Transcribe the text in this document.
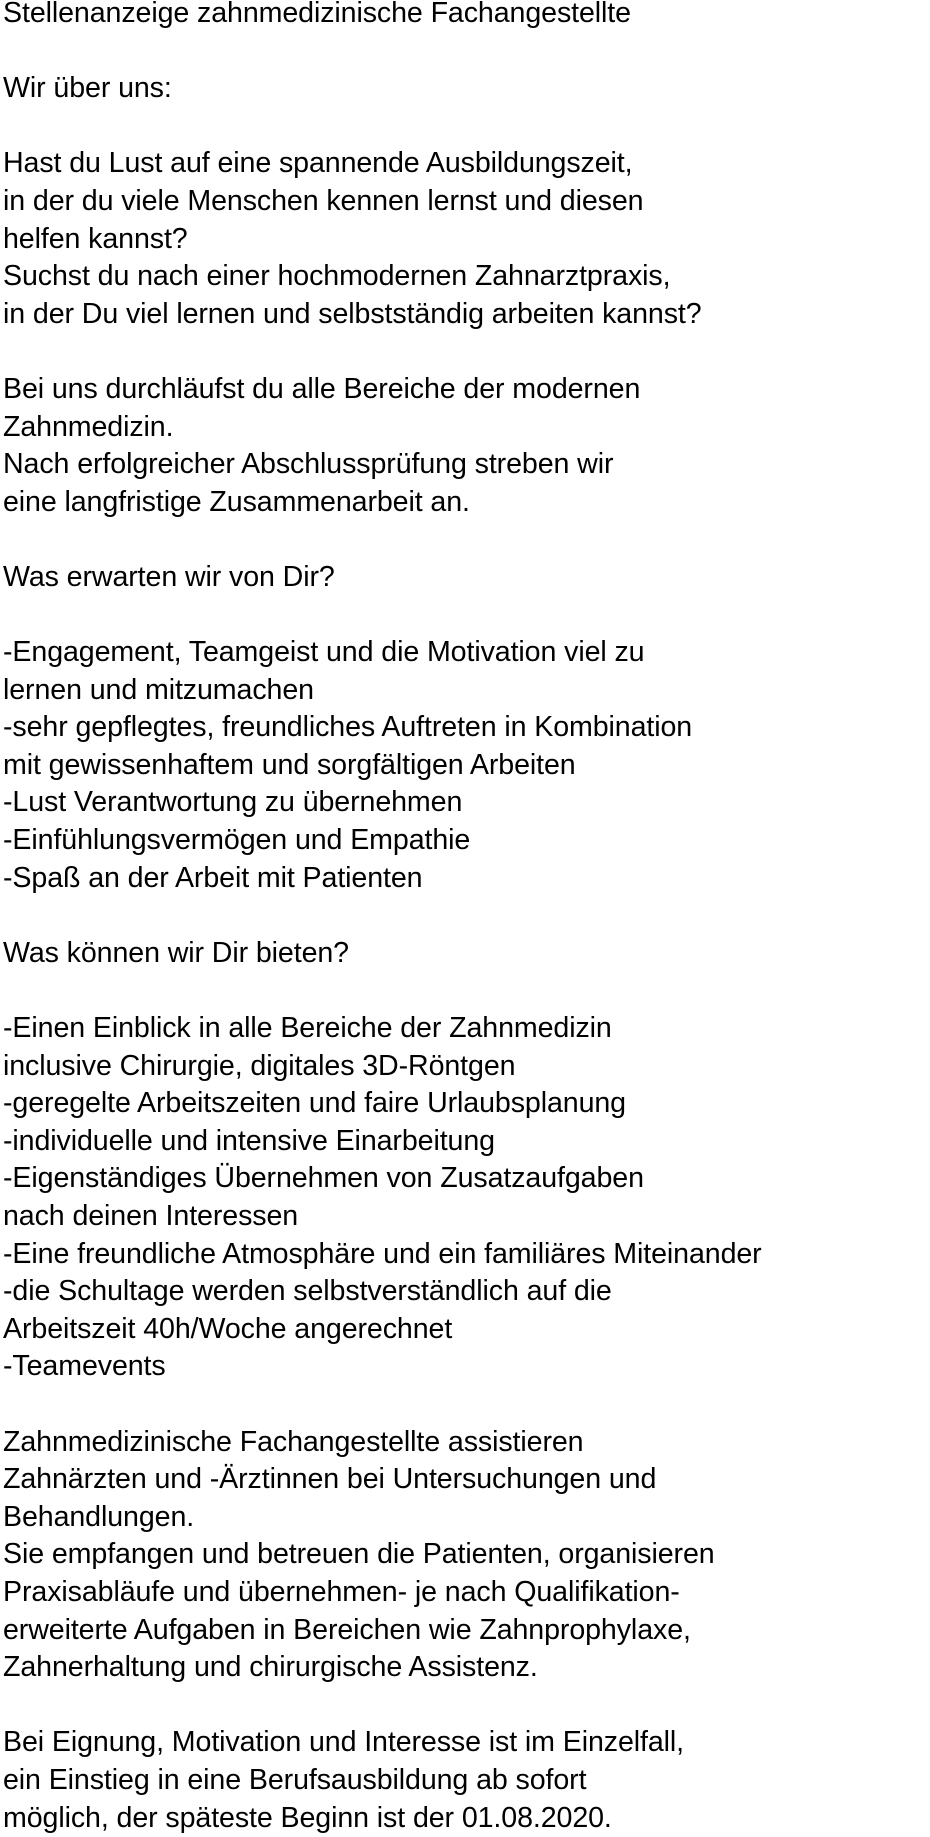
Stellenanzeige zahnmedizinische Fachangestellte
Wir über uns:
Hast du Lust auf eine spannende Ausbildungszeit,
in der du viele Menschen kennen lernst und diesen
helfen kannst?
Suchst du nach einer hochmodernen Zahnarztpraxis,
in der Du viel lernen und selbstständig arbeiten kannst?
Bei uns durchläufst du alle Bereiche der modernen
Zahnmedizin.
Nach erfolgreicher Abschlussprüfung streben wir
eine langfristige Zusammenarbeit an.
Was erwarten wir von Dir?
-Engagement, Teamgeist und die Motivation viel zu
lernen und mitzumachen
-sehr gepflegtes, freundliches Auftreten in Kombination
mit gewissenhaftem und sorgfältigen Arbeiten
-Lust Verantwortung zu übernehmen
-Einfühlungsvermögen und Empathie
-Spaß an der Arbeit mit Patienten
Was können wir Dir bieten?
-Einen Einblick in alle Bereiche der Zahnmedizin
inclusive Chirurgie, digitales 3D-Röntgen
-geregelte Arbeitszeiten und faire Urlaubsplanung
-individuelle und intensive Einarbeitung
-Eigenständiges Übernehmen von Zusatzaufgaben
nach deinen Interessen
-Eine freundliche Atmosphäre und ein familiäres Miteinander
-die Schultage werden selbstverständlich auf die
Arbeitszeit 40h/Woche angerechnet
-Teamevents
Zahnmedizinische Fachangestellte assistieren
Zahnärzten und -Ärztinnen bei Untersuchungen und
Behandlungen.
Sie empfangen und betreuen die Patienten, organisieren
Praxisabläufe und übernehmen- je nach Qualifikation-
erweiterte Aufgaben in Bereichen wie Zahnprophylaxe,
Zahnerhaltung und chirurgische Assistenz.
Bei Eignung, Motivation und Interesse ist im Einzelfall,
ein Einstieg in eine Berufsausbildung ab sofort
möglich, der späteste Beginn ist der 01.08.2020.
